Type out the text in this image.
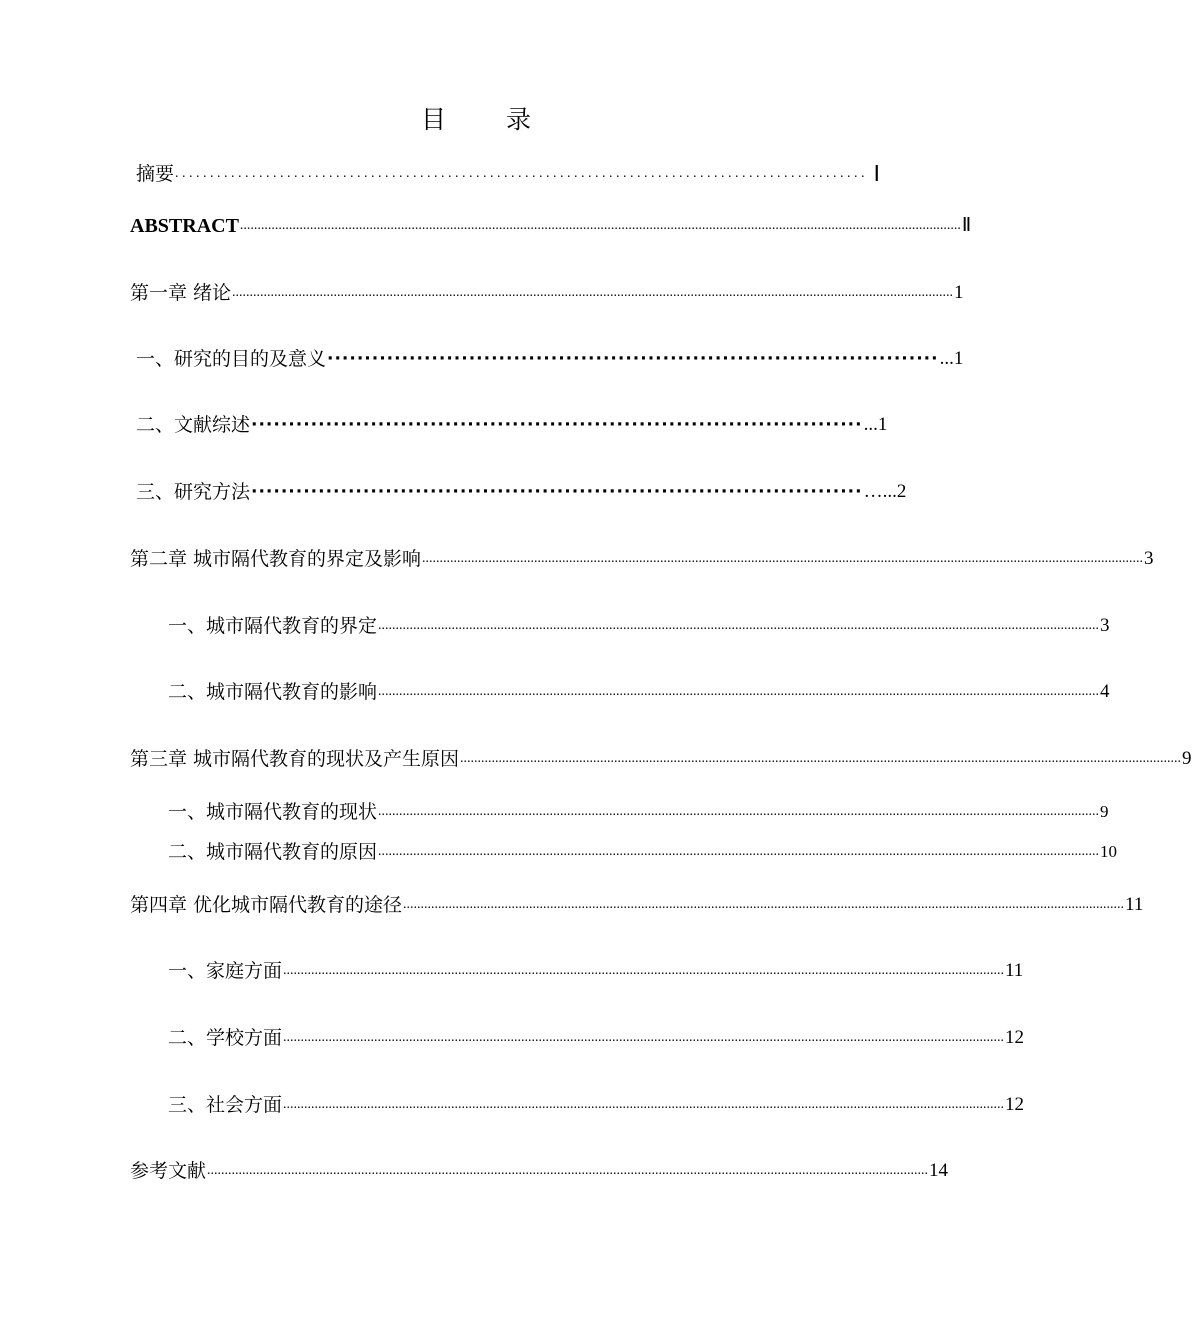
目 录
摘要 . . . . . . . . . . . . . . . . . . . . . . . . . . . . . . . . . . . . . . . . . . . . . . . . . . . . . . . . . . . . . . . . . . . . . . . . . . . . . . . . . . . . . . . . . . . . . . . . . . . Ⅰ
ABSTRACT .............................................................................................................................................................................................................. Ⅱ
第一章 绪论 .............................................................................................................................................................................................................. 1
一、研究的目的及意义 ·················································································· ...1
二、文献综述 ·················································································· ...1
三、研究方法 ·················································································· …...2
第二章 城市隔代教育的界定及影响 .............................................................................................................................................................................................................. 3
一、城市隔代教育的界定 .............................................................................................................................................................................................................. 3
二、城市隔代教育的影响 .............................................................................................................................................................................................................. 4
第三章 城市隔代教育的现状及产生原因 .............................................................................................................................................................................................................. 9
一、城市隔代教育的现状 .............................................................................................................................................................................................................. 9
二、城市隔代教育的原因 .............................................................................................................................................................................................................. 10
第四章 优化城市隔代教育的途径 .............................................................................................................................................................................................................. 11
一、家庭方面 .............................................................................................................................................................................................................. 11
二、学校方面 .............................................................................................................................................................................................................. 12
三、社会方面 .............................................................................................................................................................................................................. 12
参考文献 .............................................................................................................................................................................................................. 14
